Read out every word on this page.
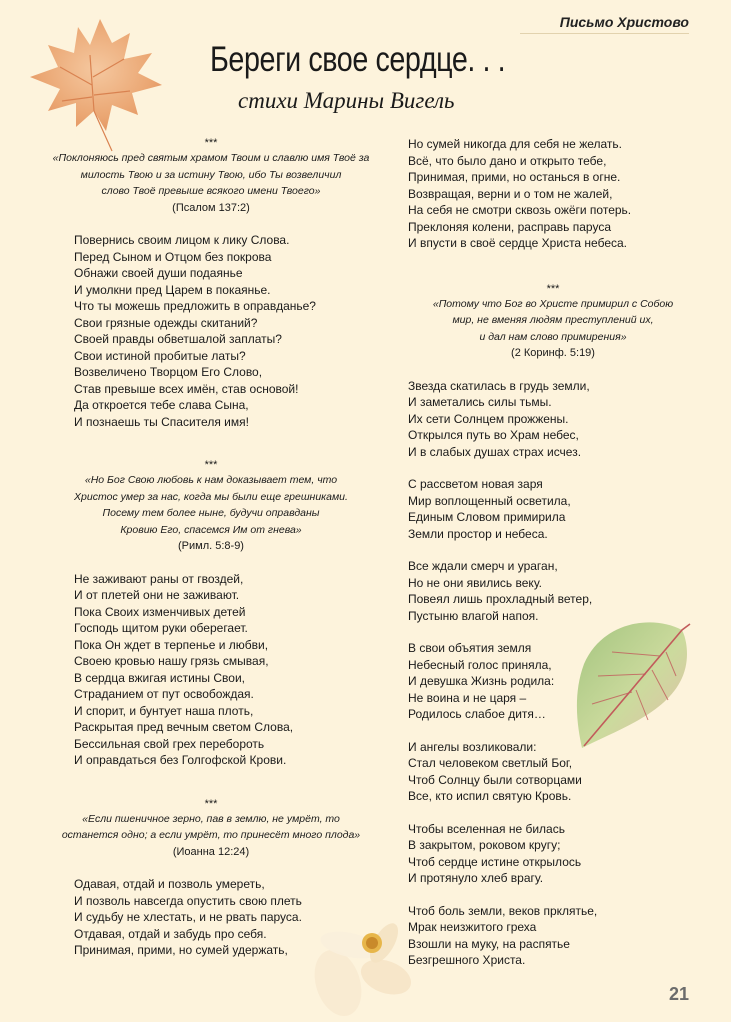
Письмо Христово
Береги свое сердце. . .
стихи Марины Вигель
***
«Поклоняюсь пред святым храмом Твоим и славлю имя Твоё за
милость Твою и за истину Твою, ибо Ты возвеличил
слово Твоё превыше всякого имени Твоего»
(Псалом 137:2)
Повернись своим лицом к лику Слова.
Перед Сыном и Отцом без покрова
Обнажи своей души подаянье
И умолкни пред Царем в покаянье.
Что ты можешь предложить в оправданье?
Свои грязные одежды скитаний?
Своей правды обветшалой заплаты?
Свои истиной пробитые латы?
Возвеличено Творцом Его Слово,
Став превыше всех имён, став основой!
Да откроется тебе слава Сына,
И познаешь ты Спасителя имя!
***
«Но Бог Свою любовь к нам доказывает тем, что
Христос умер за нас, когда мы были еще грешниками.
Посему тем более ныне, будучи оправданы
Кровию Его, спасемся Им от гнева»
(Римл. 5:8-9)
Не заживают раны от гвоздей,
И от плетей они не заживают.
Пока Своих изменчивых детей
Господь щитом руки оберегает.
Пока Он ждет в терпенье и любви,
Своею кровью нашу грязь смывая,
В сердца вжигая истины Свои,
Страданием от пут освобождая.
И спорит, и бунтует наша плоть,
Раскрытая пред вечным светом Слова,
Бессильная свой грех перебороть
И оправдаться без Голгофской Крови.
***
«Если пшеничное зерно, пав в землю, не умрёт, то
останется одно; а если умрёт, то принесёт много плода»
(Иоанна 12:24)
Одавая, отдай и позволь умереть,
И позволь навсегда опустить свою плеть
И судьбу не хлестать, и не рвать паруса.
Отдавая, отдай и забудь про себя.
Принимая, прими, но сумей удержать,
Но сумей никогда для себя не желать.
Всё, что было дано и открыто тебе,
Принимая, прими, но останься в огне.
Возвращая, верни и о том не жалей,
На себя не смотри сквозь ожёги потерь.
Преклоняя колени, расправь паруса
И впусти в своё сердце Христа небеса.
***
«Потому что Бог во Христе примирил с Собою
мир, не вменяя людям преступлений их,
и дал нам слово примирения»
(2 Коринф. 5:19)
Звезда скатилась в грудь земли,
И заметались силы тьмы.
Их сети Солнцем прожжены.
Открылся путь во Храм небес,
И в слабых душах страх исчез.
С рассветом новая заря
Мир воплощенный осветила,
Единым Словом примирила
Земли простор и небеса.
Все ждали смерч и ураган,
Но не они явились веку.
Повеял лишь прохладный ветер,
Пустыню влагой напоя.
В свои объятия земля
Небесный голос приняла,
И девушка Жизнь родила:
Не воина и не царя –
Родилось слабое дитя…
И ангелы возликовали:
Стал человеком светлый Бог,
Чтоб Солнцу были сотворцами
Все, кто испил святую Кровь.
Чтобы вселенная не билась
В закрытом, роковом кругу;
Чтоб сердце истине открылось
И протянуло хлеб врагу.
Чтоб боль земли, веков прклятье,
Мрак неизжитого греха
Взошли на муку, на распятье
Безгрешного Христа.
21
